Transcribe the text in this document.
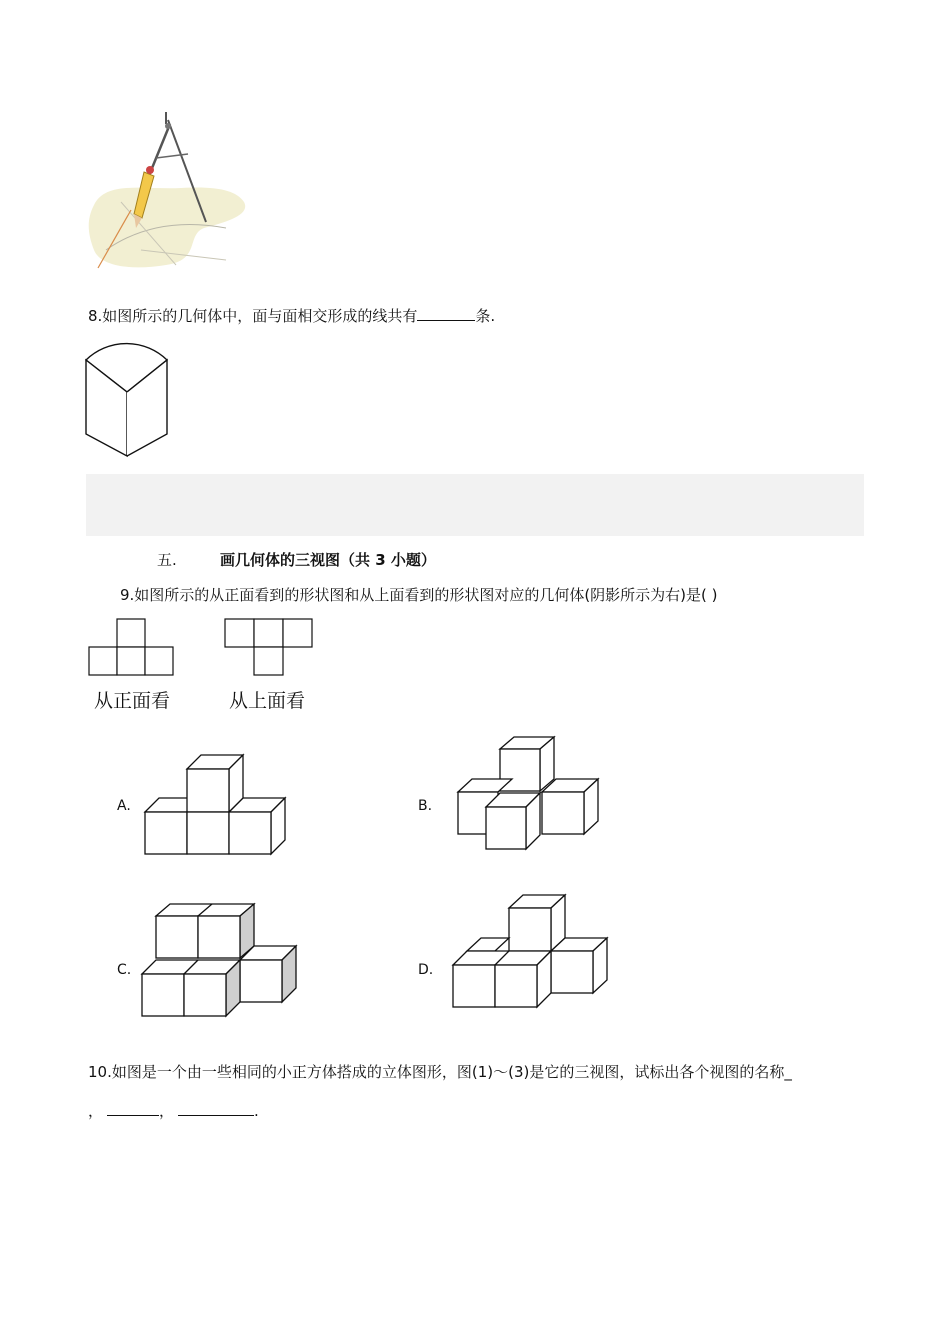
8.如图所示的几何体中，面与面相交形成的线共有	条.
五.	画几何体的三视图（共 3 小题）
9.如图所示的从正面看到的形状图和从上面看到的形状图对应的几何体(阴影所示为右)是( )
从正面看	从上面看
A.	B.
C.	D.
10.如图是一个由一些相同的小正方体搭成的立体图形，图(1)～(3)是它的三视图，试标出各个视图的名称_
，	，	.
